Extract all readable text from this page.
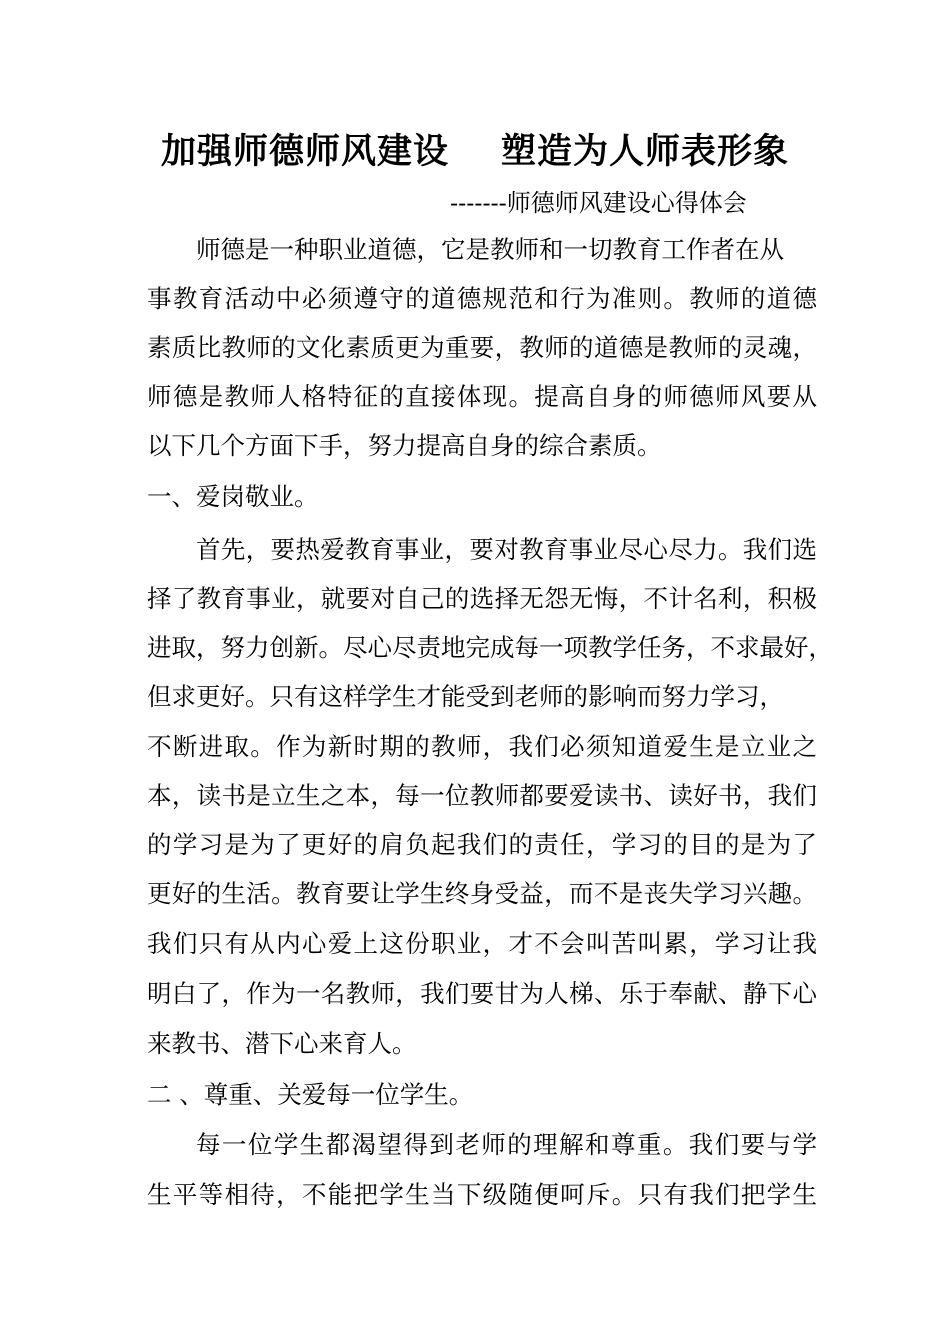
加强师德师风建设 塑造为人师表形象
-------师德师风建设心得体会
师德是一种职业道德，它是教师和一切教育工作者在从
事教育活动中必须遵守的道德规范和行为准则。教师的道德
素质比教师的文化素质更为重要，教师的道德是教师的灵魂，
师德是教师人格特征的直接体现。提高自身的师德师风要从
以下几个方面下手，努力提高自身的综合素质。
一、爱岗敬业。
首先，要热爱教育事业，要对教育事业尽心尽力。我们选
择了教育事业，就要对自己的选择无怨无悔，不计名利，积极
进取，努力创新。尽心尽责地完成每一项教学任务，不求最好，
但求更好。只有这样学生才能受到老师的影响而努力学习，
不断进取。作为新时期的教师，我们必须知道爱生是立业之
本，读书是立生之本，每一位教师都要爱读书、读好书，我们
的学习是为了更好的肩负起我们的责任，学习的目的是为了
更好的生活。教育要让学生终身受益，而不是丧失学习兴趣。
我们只有从内心爱上这份职业，才不会叫苦叫累，学习让我
明白了，作为一名教师，我们要甘为人梯、乐于奉献、静下心
来教书、潜下心来育人。
二 、尊重、关爱每一位学生。
每一位学生都渴望得到老师的理解和尊重。我们要与学
生平等相待，不能把学生当下级随便呵斥。只有我们把学生
